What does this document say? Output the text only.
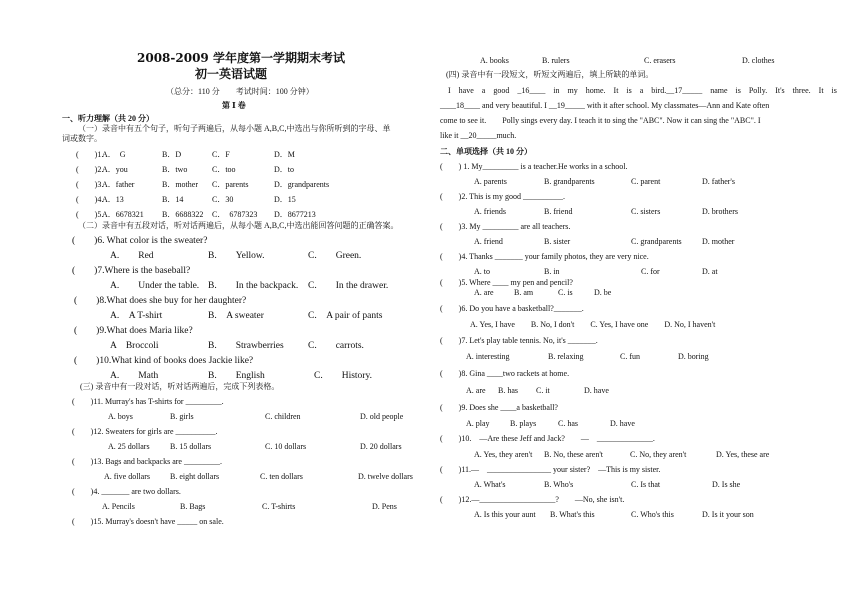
2008-2009 学年度第一学期期末考试
初一英语试题
（总分：110 分　　考试时间：100 分钟）
第 Ⅰ 卷
一、听力理解（共 20 分）
（一）录音中有五个句子，听句子两遍后，从每小题 A,B,C,中选出与你所听到的字母、单
词或数字。
(　　)1.
A．　G	B．D	C．F	D．M
(　　)2.
A．you	B．two	C．too	D．to
(　　)3.
A．father	B．mother C．parents	D．grandparents
(　　)4.
A．13	B．14	C．30	D．15
(　　)5.
A．6678321 B．6688322 C．　6787323 D．8677213
（二）录音中有五段对话，听对话两遍后，从每小题 A,B,C,中选出能回答问题的正确答案。
(　　)6. What color is the sweater?
A.　　Red	B.　　Yellow.	C.　　Green.
(　　)7.Where is the baseball?
A.　　Under the table. B.　　In the backpack. C.　　In the drawer.
(　　)8.What does she buy for her daughter?
A.　A T-shirt	B.　A sweater	C.　A pair of pants
(　　)9.What does Maria like?
A　Broccoli	B.　　Strawberries	C.　　carrots.
(　　)10.What kind of books does Jackie like?
A.　　Math	B.　　English	C.　　History.
(三) 录音中有一段对话，听对话两遍后，完成下列表格。
(　　)11. Murray's has T-shirts for _________.
A. boys	B. girls	C. children	D. old people
(　　)12. Sweaters for girls are __________.
A. 25 dollars	B. 15 dollars	C. 10 dollars	D. 20 dollars
(　　)13. Bags and backpacks are _________.
A. five dollars	B. eight dollars	C. ten dollars	D. twelve dollars
(　　)4. _______ are two dollars.
A. Pencils	B. Bags	C. T-shirts	D. Pens
(　　)15. Murray's doesn't have _____ on sale.
A. books	B. rulers	C. erasers	D. clothes
(四) 录音中有一段短文，听短文两遍后，填上所缺的单词。
I　have　a　good　_16____　in　my　home.　It　is　a　bird.__17_____　name　is　Polly.　It's　three.　It　is
____18____ and very beautiful. I __19_____ with it after school. My classmates—Ann and Kate often
come to see it.　　Polly sings every day. I teach it to sing the "ABC". Now it can sing the "ABC". I
like it __20_____much.
二、单项选择（共 10 分）
(　　) 1. My_________ is a teacher.He works in a school.
A. parents	B. grandparents	C. parent	D. father's
(　　)2. This is my good __________.
A. friends	B. friend	C. sisters	D. brothers
(　　)3. My _________ are all teachers.
A. friend	B. sister	C. grandparents	D. mother
(　　)4. Thanks _______ your family photos, they are very nice.
A. to	B. in	C. for	D. at
(　　)5. Where ____ my pen and pencil?
A. are	B. am	C. is	D. be
(　　)6. Do you have a basketball?_______.
A. Yes, I have　　B. No, I don't　　C. Yes, I have one　　D. No, I haven't
(　　)7. Let's play table tennis. No, it's _______.
A. interesting	B. relaxing	C. fun	D. boring
(　　)8. Gina ____two rackets at home.
A. are B. has C. it	D. have
(　　)9. Does she ____a basketball?
A. play	B. plays	C. has	D. have
(　　)10.　—Are these Jeff and Jack?　　—　______________.
A. Yes, they aren't B. No, these aren't	C. No, they aren't	D. Yes, these are
(　　)11.—　________________ your sister?　—This is my sister.
A. What's	B. Who's	C. Is that	D. Is she
(　　)12.—___________________?　　—No, she isn't.
A. Is this your aunt B. What's this	C. Who's this	D. Is it your son
